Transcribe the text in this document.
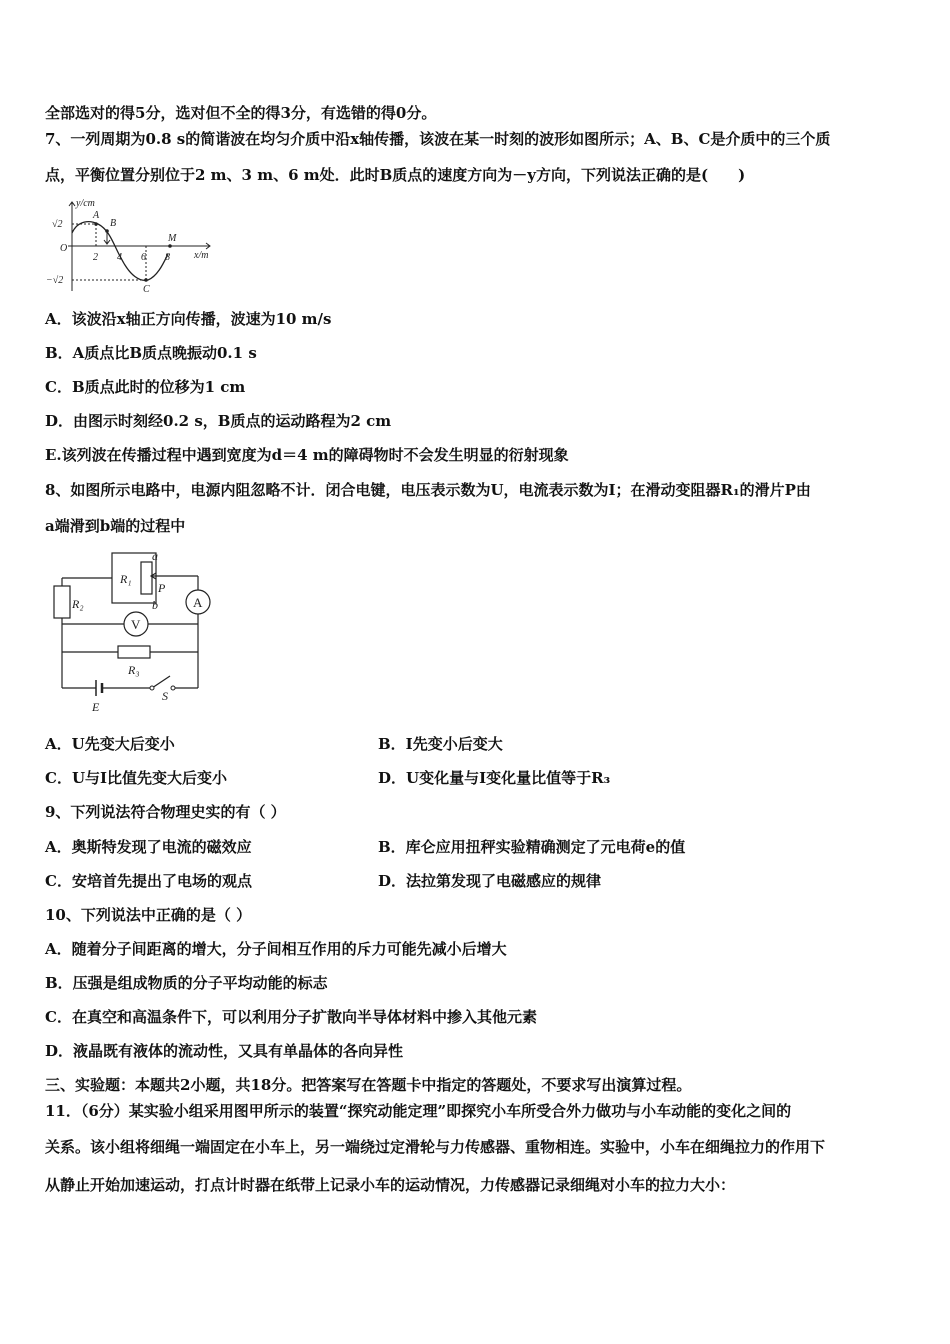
全部选对的得5分，选对但不全的得3分，有选错的得0分。
7、一列周期为0.8 s的简谐波在均匀介质中沿x轴传播，该波在某一时刻的波形如图所示；A、B、C是介质中的三个质
点，平衡位置分别位于2 m、3 m、6 m处．此时B质点的速度方向为－y方向，下列说法正确的是(　　)
y/cm
x/m
O
√2
−√2
2 4 6 8
A
B
C
M
A．该波沿x轴正方向传播，波速为10 m/s
B．A质点比B质点晚振动0.1 s
C．B质点此时的位移为1 cm
D．由图示时刻经0.2 s，B质点的运动路程为2 cm
E.该列波在传播过程中遇到宽度为d＝4 m的障碍物时不会发生明显的衍射现象
8、如图所示电路中，电源内阻忽略不计．闭合电键，电压表示数为U，电流表示数为I；在滑动变阻器R₁的滑片P由
a端滑到b端的过程中
R₁
a
P
b
R₂
R₃
E
S
A
V
A．U先变大后变小	B．I先变小后变大
C．U与I比值先变大后变小	D．U变化量与I变化量比值等于R₃
9、下列说法符合物理史实的有（ ）
A．奥斯特发现了电流的磁效应	B．库仑应用扭秤实验精确测定了元电荷e的值
C．安培首先提出了电场的观点	D．法拉第发现了电磁感应的规律
10、下列说法中正确的是（ ）
A．随着分子间距离的增大，分子间相互作用的斥力可能先减小后增大
B．压强是组成物质的分子平均动能的标志
C．在真空和高温条件下，可以利用分子扩散向半导体材料中掺入其他元素
D．液晶既有液体的流动性，又具有单晶体的各向异性
三、实验题：本题共2小题，共18分。把答案写在答题卡中指定的答题处，不要求写出演算过程。
11．（6分）某实验小组采用图甲所示的装置“探究动能定理”即探究小车所受合外力做功与小车动能的变化之间的
关系。该小组将细绳一端固定在小车上，另一端绕过定滑轮与力传感器、重物相连。实验中，小车在细绳拉力的作用下
从静止开始加速运动，打点计时器在纸带上记录小车的运动情况，力传感器记录细绳对小车的拉力大小：
